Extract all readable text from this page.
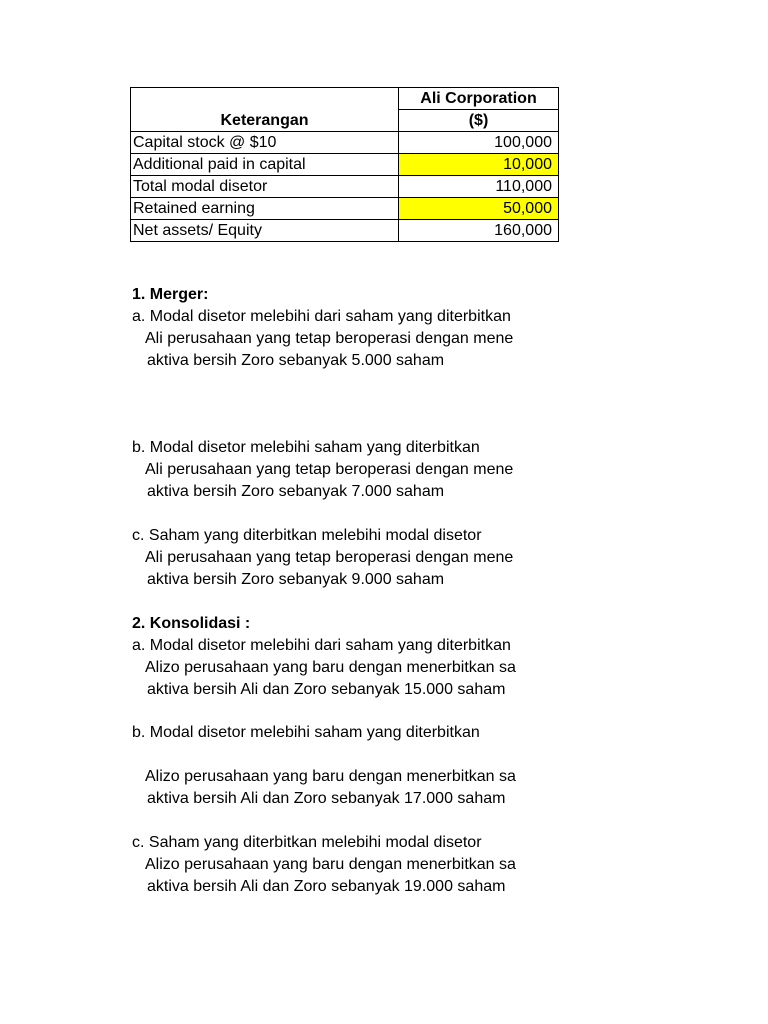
Keterangan	Ali Corporation
	($)
Capital stock @ $10	100,000
Additional paid in capital	10,000
Total modal disetor	110,000
Retained earning	50,000
Net assets/ Equity	160,000
1. Merger:
a. Modal disetor melebihi dari saham yang diterbitkan
Ali perusahaan yang tetap beroperasi dengan mene
aktiva bersih Zoro sebanyak 5.000 saham
b. Modal disetor melebihi saham yang diterbitkan
Ali perusahaan yang tetap beroperasi dengan mene
aktiva bersih Zoro sebanyak 7.000 saham
c. Saham yang diterbitkan melebihi modal disetor
Ali perusahaan yang tetap beroperasi dengan mene
aktiva bersih Zoro sebanyak 9.000 saham
2. Konsolidasi :
a. Modal disetor melebihi dari saham yang diterbitkan
Alizo perusahaan yang baru dengan menerbitkan sa
aktiva bersih Ali dan Zoro sebanyak 15.000 saham
b. Modal disetor melebihi saham yang diterbitkan
Alizo perusahaan yang baru dengan menerbitkan sa
aktiva bersih Ali dan Zoro sebanyak 17.000 saham
c. Saham yang diterbitkan melebihi modal disetor
Alizo perusahaan yang baru dengan menerbitkan sa
aktiva bersih Ali dan Zoro sebanyak 19.000 saham
